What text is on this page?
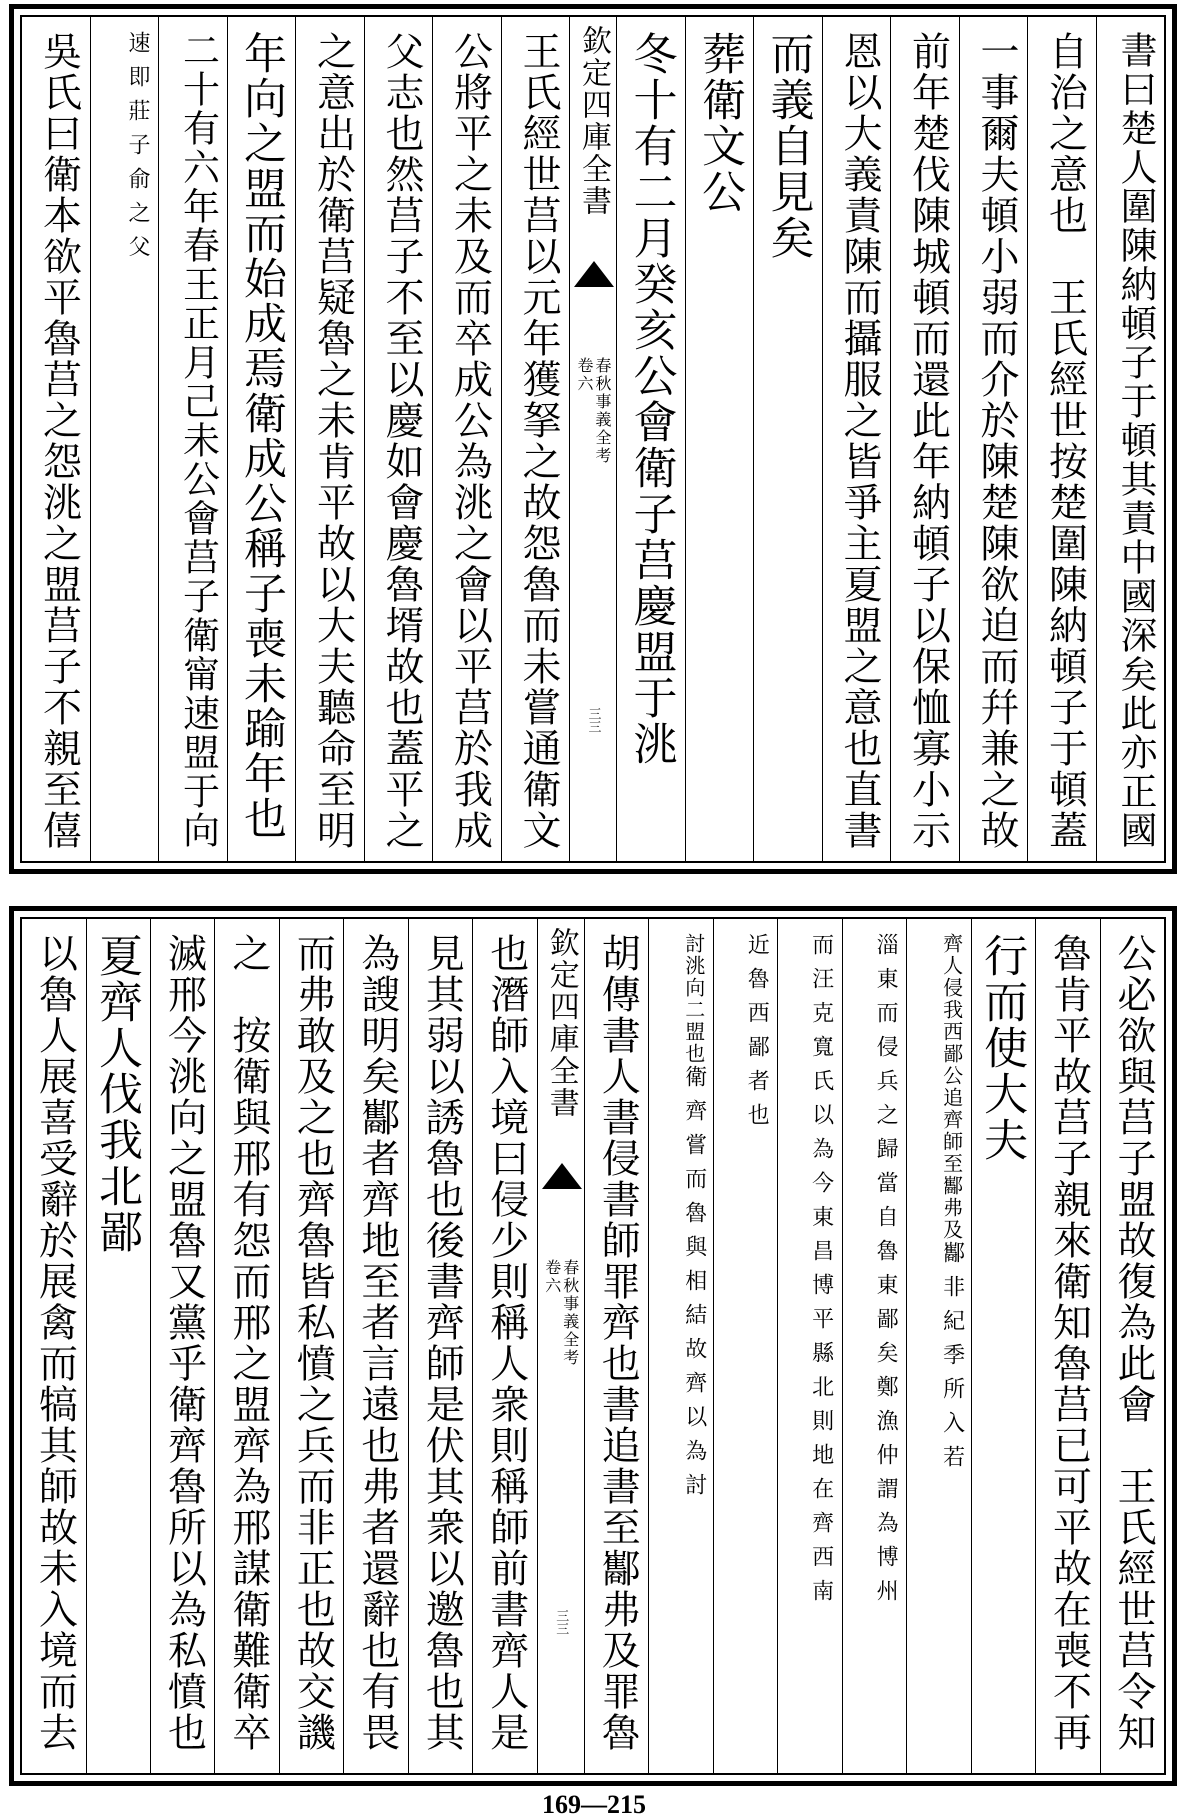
書曰楚人圍陳納頓子于頓其責中國深矣此亦正國
自治之意也　王氏經世按楚圍陳納頓子于頓蓋
一事爾夫頓小弱而介於陳楚陳欲迫而幷兼之故
前年楚伐陳城頓而還此年納頓子以保恤寡小示
恩以大義責陳而攝服之皆爭主夏盟之意也直書
而義自見矣
葬衛文公
冬十有二月癸亥公會衛子莒慶盟于洮
欽定四庫全書
春秋事義全考
卷六
三三
王氏經世莒以元年獲拏之故怨魯而未嘗通衛文
公將平之未及而卒成公為洮之會以平莒於我成
父志也然莒子不至以慶如會慶魯壻故也蓋平之
之意出於衛莒疑魯之未肯平故以大夫聽命至明
年向之盟而始成焉衛成公稱子喪未踰年也
二十有六年春王正月己未公會莒子衛甯速盟于向
速即莊子俞之父
吳氏曰衛本欲平魯莒之怨洮之盟莒子不親至僖
公必欲與莒子盟故復為此會　王氏經世莒令知
魯肯平故莒子親來衛知魯莒已可平故在喪不再
行而使大夫
齊人侵我西鄙公追齊師至酅弗及酅非紀季所入若
淄東而侵兵之歸當自魯東鄙矣鄭漁仲謂為博州
而汪克寬氏以為今東昌博平縣北則地在齊西南
近魯西鄙者也
討洮向二盟也衛齊嘗而魯與相結故齊以為討
胡傳書人書侵書師罪齊也書追書至酅弗及罪魯
欽定四庫全書
春秋事義全考
卷六
三三
也潛師入境曰侵少則稱人衆則稱師前書齊人是
見其弱以誘魯也後書齊師是伏其衆以邀魯也其
為謏明矣酅者齊地至者言遠也弗者還辭也有畏
而弗敢及之也齊魯皆私憤之兵而非正也故交譏
之　按衛與邢有怨而邢之盟齊為邢謀衛難衛卒
滅邢今洮向之盟魯又黨乎衛齊魯所以為私憤也
夏齊人伐我北鄙
以魯人展喜受辭於展禽而犒其師故未入境而去
169—215
